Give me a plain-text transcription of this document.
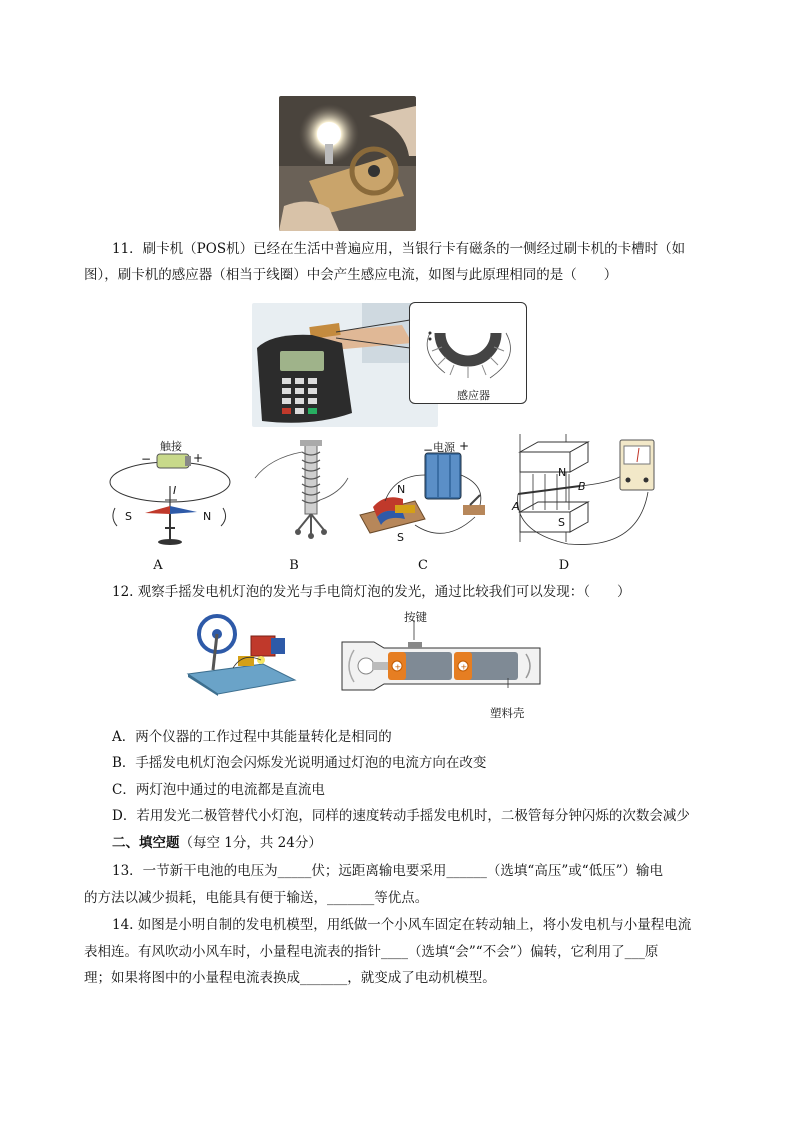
11．刷卡机（POS机）已经在生活中普遍应用，当银行卡有磁条的一侧经过刷卡机的卡槽时（如
图），刷卡机的感应器（相当于线圈）中会产生感应电流，如图与此原理相同的是（　　）
感应器
触接
−	+
I
S	N
电源
− +
N
S
N
S
A
B
A	B	C	D
12. 观察手摇发电机灯泡的发光与手电筒灯泡的发光，通过比较我们可以发现：（　　）
+	+
按键
塑料壳
A．两个仪器的工作过程中其能量转化是相同的
B．手摇发电机灯泡会闪烁发光说明通过灯泡的电流方向在改变
C．两灯泡中通过的电流都是直流电
D．若用发光二极管替代小灯泡，同样的速度转动手摇发电机时，二极管每分钟闪烁的次数会减少
二、填空题（每空 1分，共 24分）
13．一节新干电池的电压为_____伏；远距离输电要采用______（选填“高压”或“低压”）输电
的方法以减少损耗，电能具有便于输送，_______等优点。
14. 如图是小明自制的发电机模型，用纸做一个小风车固定在转动轴上，将小发电机与小量程电流
表相连。有风吹动小风车时，小量程电流表的指针____（选填“会”“不会”）偏转，它利用了___原
理；如果将图中的小量程电流表换成_______，就变成了电动机模型。
